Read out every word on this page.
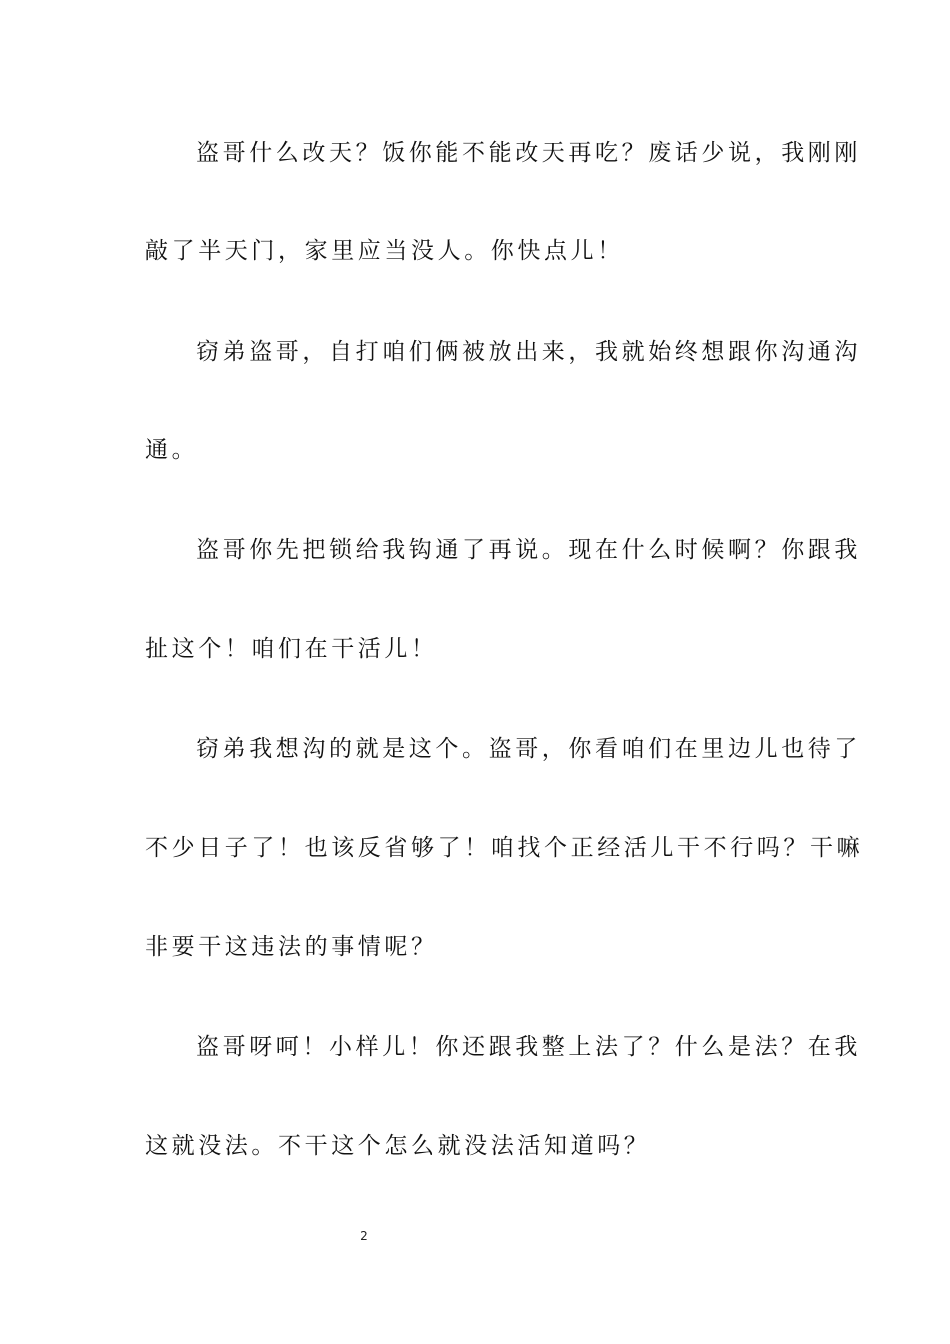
盗哥什么改天？饭你能不能改天再吃？废话少说，我刚刚
敲了半天门，家里应当没人。你快点儿！
窃弟盗哥，自打咱们俩被放出来，我就始终想跟你沟通沟
通。
盗哥你先把锁给我钩通了再说。现在什么时候啊？你跟我
扯这个！咱们在干活儿！
窃弟我想沟的就是这个。盗哥，你看咱们在里边儿也待了
不少日子了！也该反省够了！咱找个正经活儿干不行吗？干嘛
非要干这违法的事情呢？
盗哥呀呵！小样儿！你还跟我整上法了？什么是法？在我
这就没法。不干这个怎么就没法活知道吗？
2
